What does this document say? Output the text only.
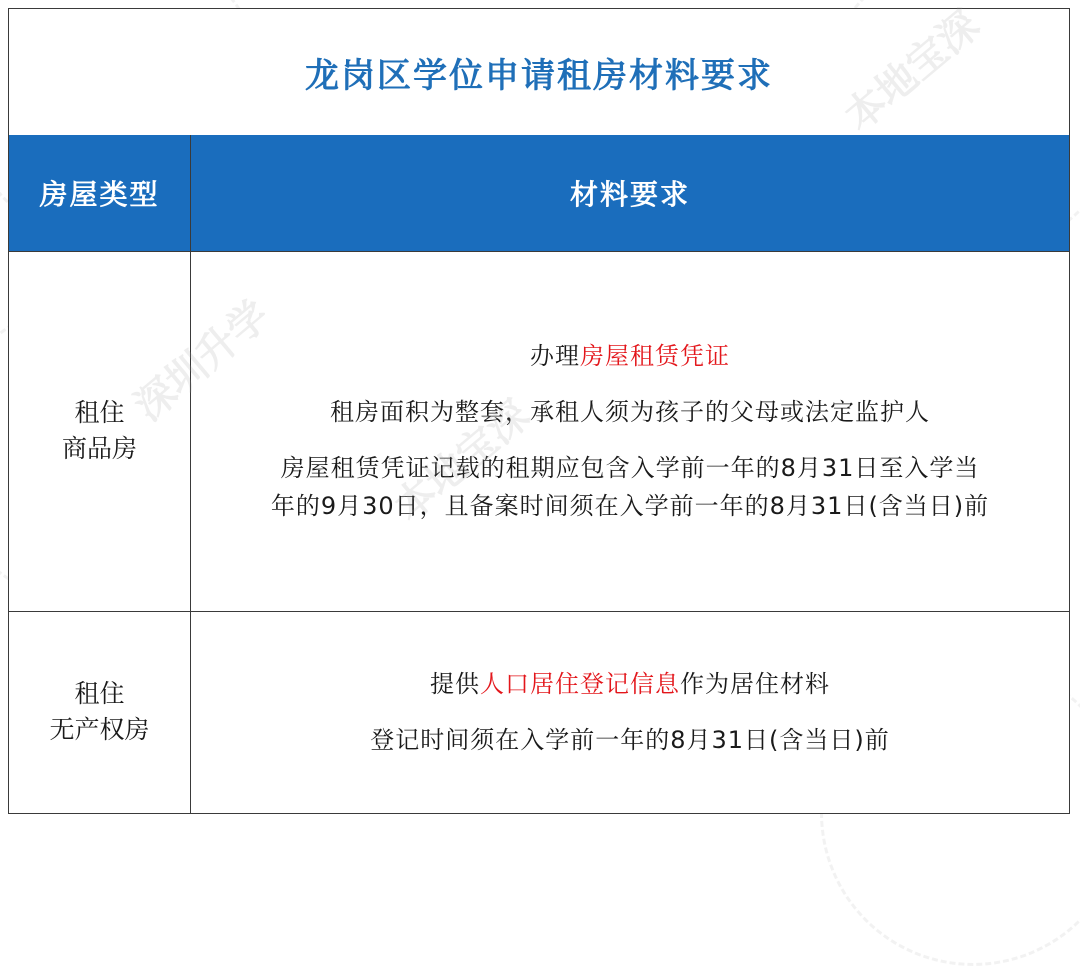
龙岗区学位申请租房材料要求
房屋类型	材料要求
租住
商品房

办理房屋租赁凭证

租房面积为整套，承租人须为孩子的父母或法定监护人

房屋租赁凭证记载的租期应包含入学前一年的8月31日至入学当

年的9月30日，且备案时间须在入学前一年的8月31日(含当日)前

租住
无产权房

提供人口居住登记信息作为居住材料

登记时间须在入学前一年的8月31日(含当日)前
